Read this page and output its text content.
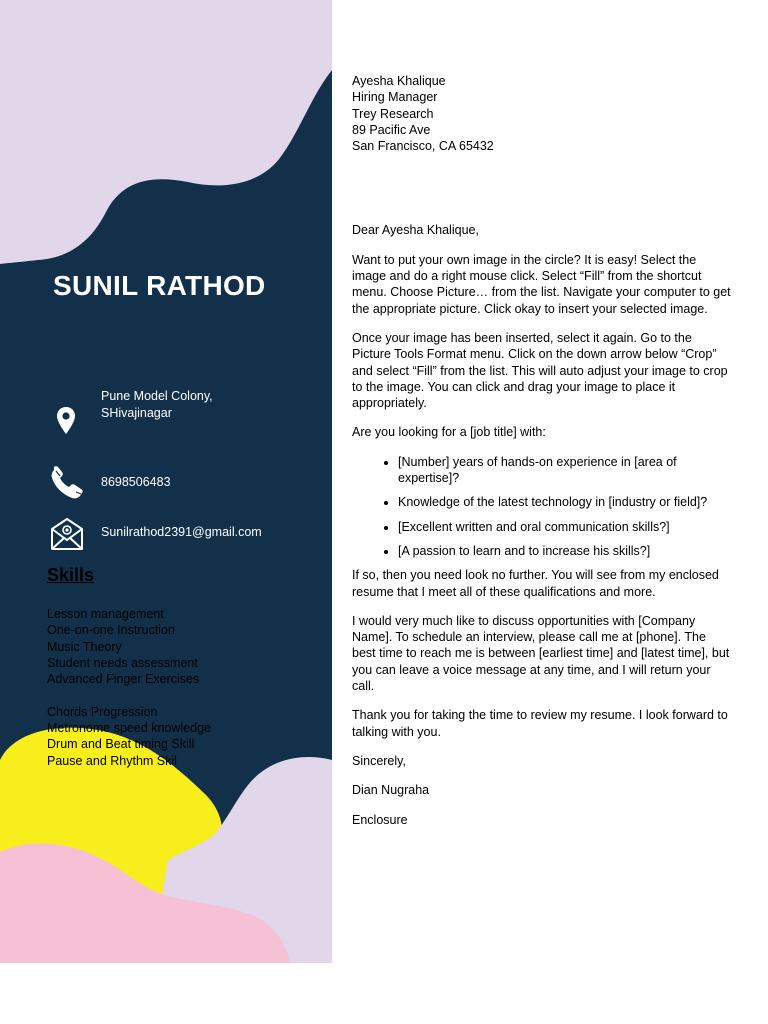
SUNIL RATHOD
Pune Model Colony,
SHivajinagar
8698506483
Sunilrathod2391@gmail.com
Skills
Lesson management
One-on-one Instruction
Music Theory
Student needs assessment
Advanced Finger Exercises
Chords Progression
Metronome speed knowledge
Drum and Beat timing Skill
Pause and Rhythm Skil

Ayesha Khalique
Hiring Manager
Trey Research
89 Pacific Ave
San Francisco, CA 65432

Dear Ayesha Khalique,

Want to put your own image in the circle? It is easy! Select the image and do a right mouse click. Select “Fill” from the shortcut menu. Choose Picture… from the list. Navigate your computer to get the appropriate picture. Click okay to insert your selected image.

Once your image has been inserted, select it again. Go to the Picture Tools Format menu. Click on the down arrow below “Crop” and select “Fill” from the list. This will auto adjust your image to crop to the image. You can click and drag your image to place it appropriately.

Are you looking for a [job title] with:

• [Number] years of hands-on experience in [area of expertise]?
• Knowledge of the latest technology in [industry or field]?
• [Excellent written and oral communication skills?]
• [A passion to learn and to increase his skills?]

If so, then you need look no further. You will see from my enclosed resume that I meet all of these qualifications and more.

I would very much like to discuss opportunities with [Company Name]. To schedule an interview, please call me at [phone]. The best time to reach me is between [earliest time] and [latest time], but you can leave a voice message at any time, and I will return your call.

Thank you for taking the time to review my resume. I look forward to talking with you.

Sincerely,

Dian Nugraha

Enclosure
